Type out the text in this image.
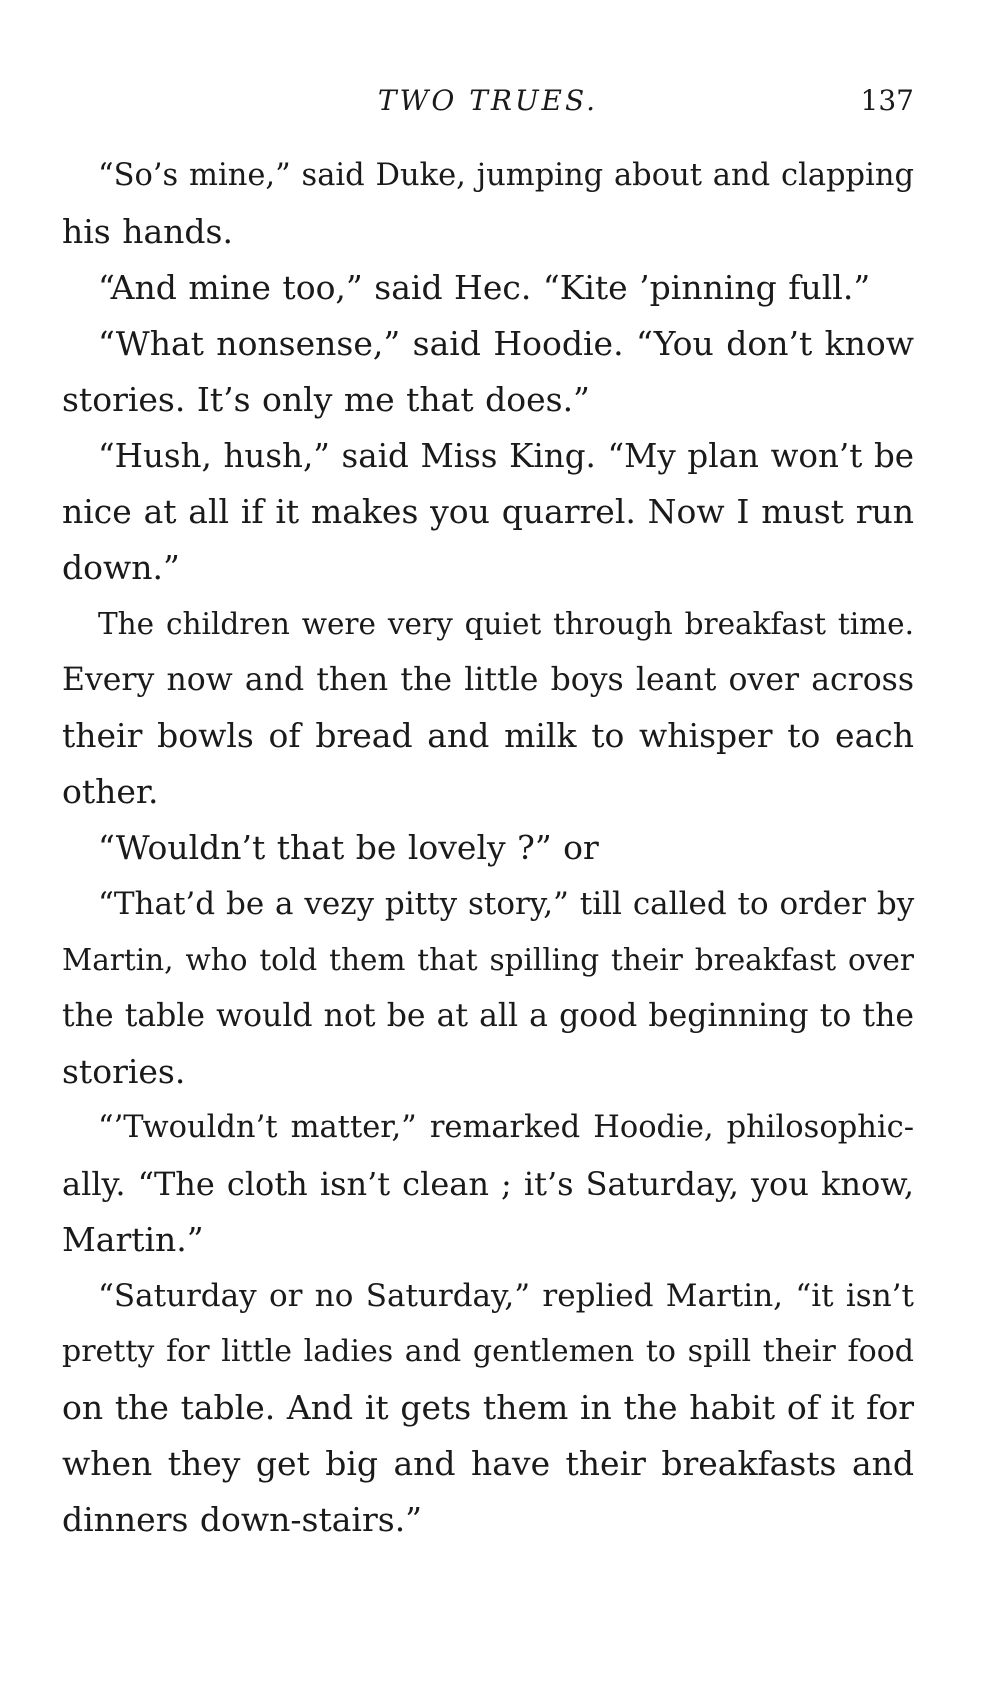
TWO TRUES.	137
“So’s mine,” said Duke, jumping about and clapping
his hands.
“And mine too,” said Hec. “Kite ’pinning full.”
“What nonsense,” said Hoodie. “You don’t know
stories. It’s only me that does.”
“Hush, hush,” said Miss King. “My plan won’t be
nice at all if it makes you quarrel. Now I must run
down.”
The children were very quiet through breakfast time.
Every now and then the little boys leant over across
their bowls of bread and milk to whisper to each
other.
“Wouldn’t that be lovely ?” or
“That’d be a vezy pitty story,” till called to order by
Martin, who told them that spilling their breakfast over
the table would not be at all a good beginning to the
stories.
“’Twouldn’t matter,” remarked Hoodie, philosophic-
ally. “The cloth isn’t clean ; it’s Saturday, you know,
Martin.”
“Saturday or no Saturday,” replied Martin, “it isn’t
pretty for little ladies and gentlemen to spill their food
on the table. And it gets them in the habit of it for
when they get big and have their breakfasts and
dinners down-stairs.”
